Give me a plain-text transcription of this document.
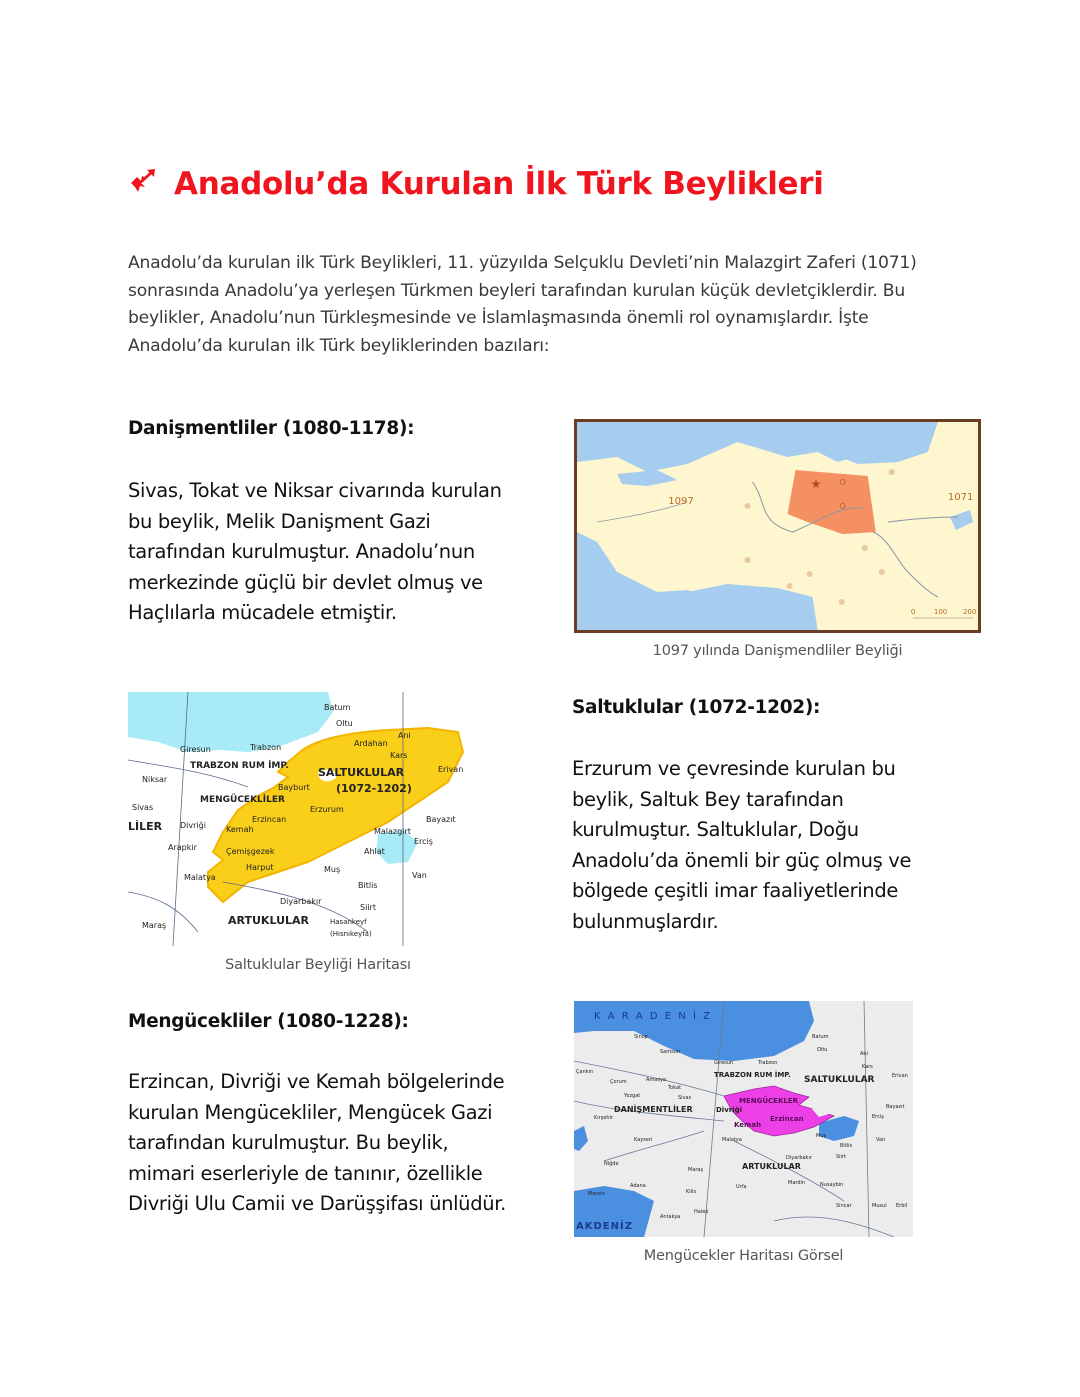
Anadolu’da Kurulan İlk Türk Beylikleri

Anadolu’da kurulan ilk Türk Beylikleri, 11. yüzyılda Selçuklu Devleti’nin Malazgirt Zaferi (1071) sonrasında Anadolu’ya yerleşen Türkmen beyleri tarafından kurulan küçük devletçiklerdir. Bu beylikler, Anadolu’nun Türkleşmesinde ve İslamlaşmasında önemli rol oynamışlardır. İşte Anadolu’da kurulan ilk Türk beyliklerinden bazıları:

Danişmentliler (1080-1178):
Sivas, Tokat ve Niksar civarında kurulan bu beylik, Melik Danişment Gazi tarafından kurulmuştur. Anadolu’nun merkezinde güçlü bir devlet olmuş ve Haçlılarla mücadele etmiştir.
★
1097	1071
0	100 200
1097 yılında Danişmendliler Beyliği
Batum
Oltu
Ani
Ardahan
Kars
Erivan
Giresun	Trabzon
TRABZON RUM İMP.
Niksar
Bayburt
MENGÜCEKLİLER
SALTUKLULAR
(1072-1202)
Erzurum
Sivas
LİLER Divriği
Erzincan
Kemah
Bayazıt
Malazgirt
Erciş
Arapkir	Çemişgezek	Ahlat
Harput	Muş
Van
Malatya
Bitlis
Diyarbakır
Siirt
ARTUKLULAR	Hasankeyf
(Hısnıkeyfa)
Maraş
Saltuklular Beyliği Haritası
Saltuklular (1072-1202):
Erzurum ve çevresinde kurulan bu beylik, Saltuk Bey tarafından kurulmuştur. Saltuklular, Doğu Anadolu’da önemli bir güç olmuş ve bölgede çeşitli imar faaliyetlerinde bulunmuşlardır.
Mengücekliler (1080-1228):
Erzincan, Divriği ve Kemah bölgelerinde kurulan Mengücekliler, Mengücek Gazi tarafından kurulmuştur. Bu beylik, mimari eserleriyle de tanınır, özellikle Divriği Ulu Camii ve Darüşşifası ünlüdür.
K A R A D E N İ Z
AKDENİZ
TRABZON RUM İMP. SALTUKLULAR
DANİŞMENTLİLER	Divriği
Erzincan
Kemah
MENGÜCEKLER
ARTUKLULAR
Sinop
Samsun
Giresun	Trabzon
Batum
Oltu
Ani
Kars
Erivan
Çankırı
Çorum	Amasya
Tokat
Yozgat	Sivas
Kırşehir
Kayseri
Niğde
Malatya
Maraş
Adana
Mersin	Kilis
Halep
Antakya
Urfa
Mardin	Nusaybin
Sincar	Musul Erbil
Bayazıt
Erciş
Van
Muş
Bitlis
Siirt
Diyarbakır
Mengücekler Haritası Görsel
